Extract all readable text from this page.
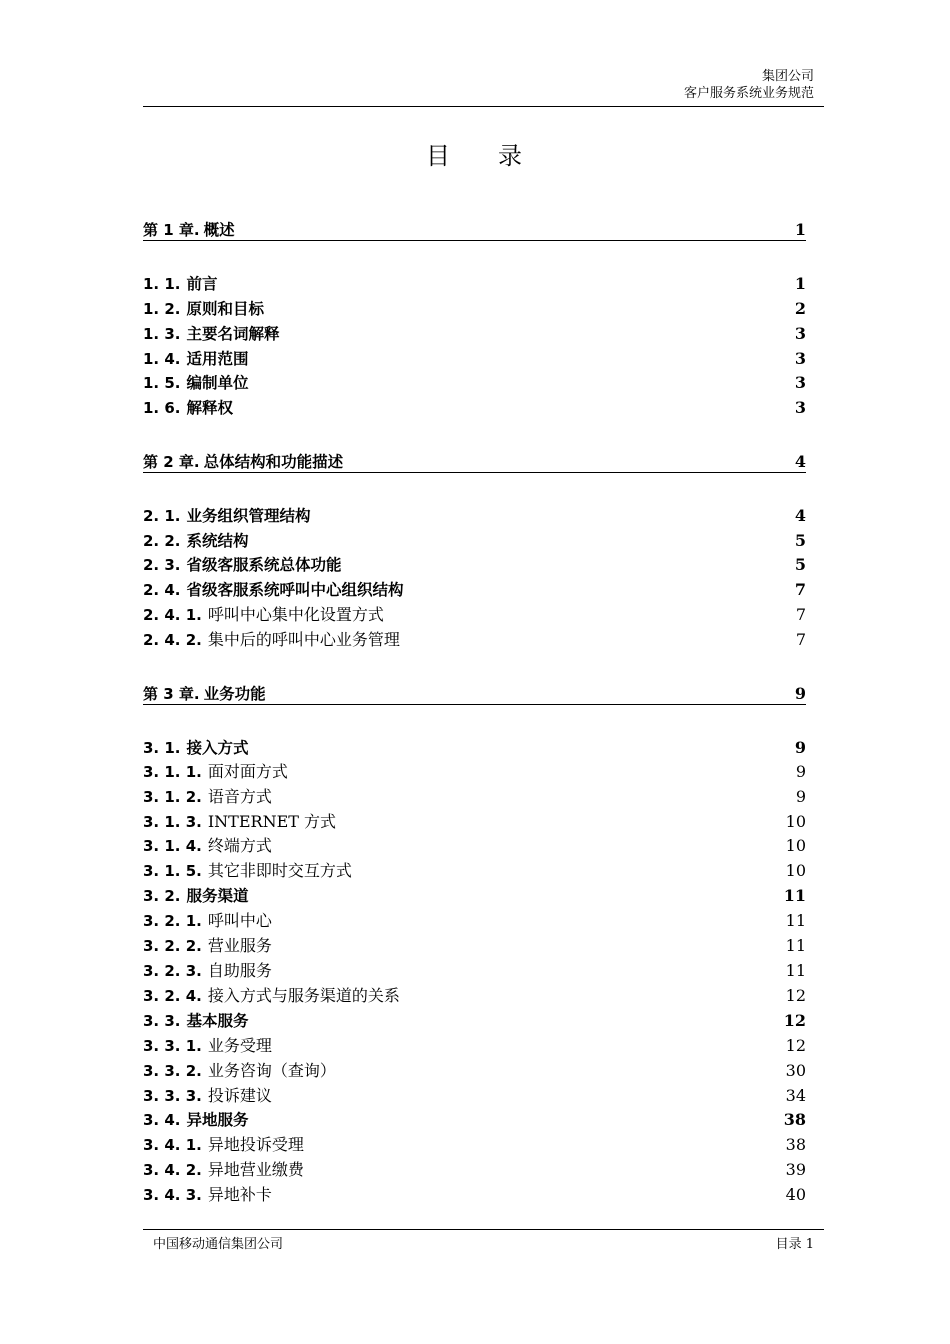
集团公司
客户服务系统业务规范
目 录
第 1 章. 概述	1
1. 1. 前言	1
1. 2. 原则和目标	2
1. 3. 主要名词解释	3
1. 4. 适用范围	3
1. 5. 编制单位	3
1. 6. 解释权	3
第 2 章. 总体结构和功能描述	4
2. 1. 业务组织管理结构	4
2. 2. 系统结构	5
2. 3. 省级客服系统总体功能	5
2. 4. 省级客服系统呼叫中心组织结构	7
2. 4. 1. 呼叫中心集中化设置方式	7
2. 4. 2. 集中后的呼叫中心业务管理	7
第 3 章. 业务功能	9
3. 1. 接入方式	9
3. 1. 1. 面对面方式	9
3. 1. 2. 语音方式	9
3. 1. 3. INTERNET 方式	10
3. 1. 4. 终端方式	10
3. 1. 5. 其它非即时交互方式	10
3. 2. 服务渠道	11
3. 2. 1. 呼叫中心	11
3. 2. 2. 营业服务	11
3. 2. 3. 自助服务	11
3. 2. 4. 接入方式与服务渠道的关系	12
3. 3. 基本服务	12
3. 3. 1. 业务受理	12
3. 3. 2. 业务咨询（查询）	30
3. 3. 3. 投诉建议	34
3. 4. 异地服务	38
3. 4. 1. 异地投诉受理	38
3. 4. 2. 异地营业缴费	39
3. 4. 3. 异地补卡	40
中国移动通信集团公司	目录 1
